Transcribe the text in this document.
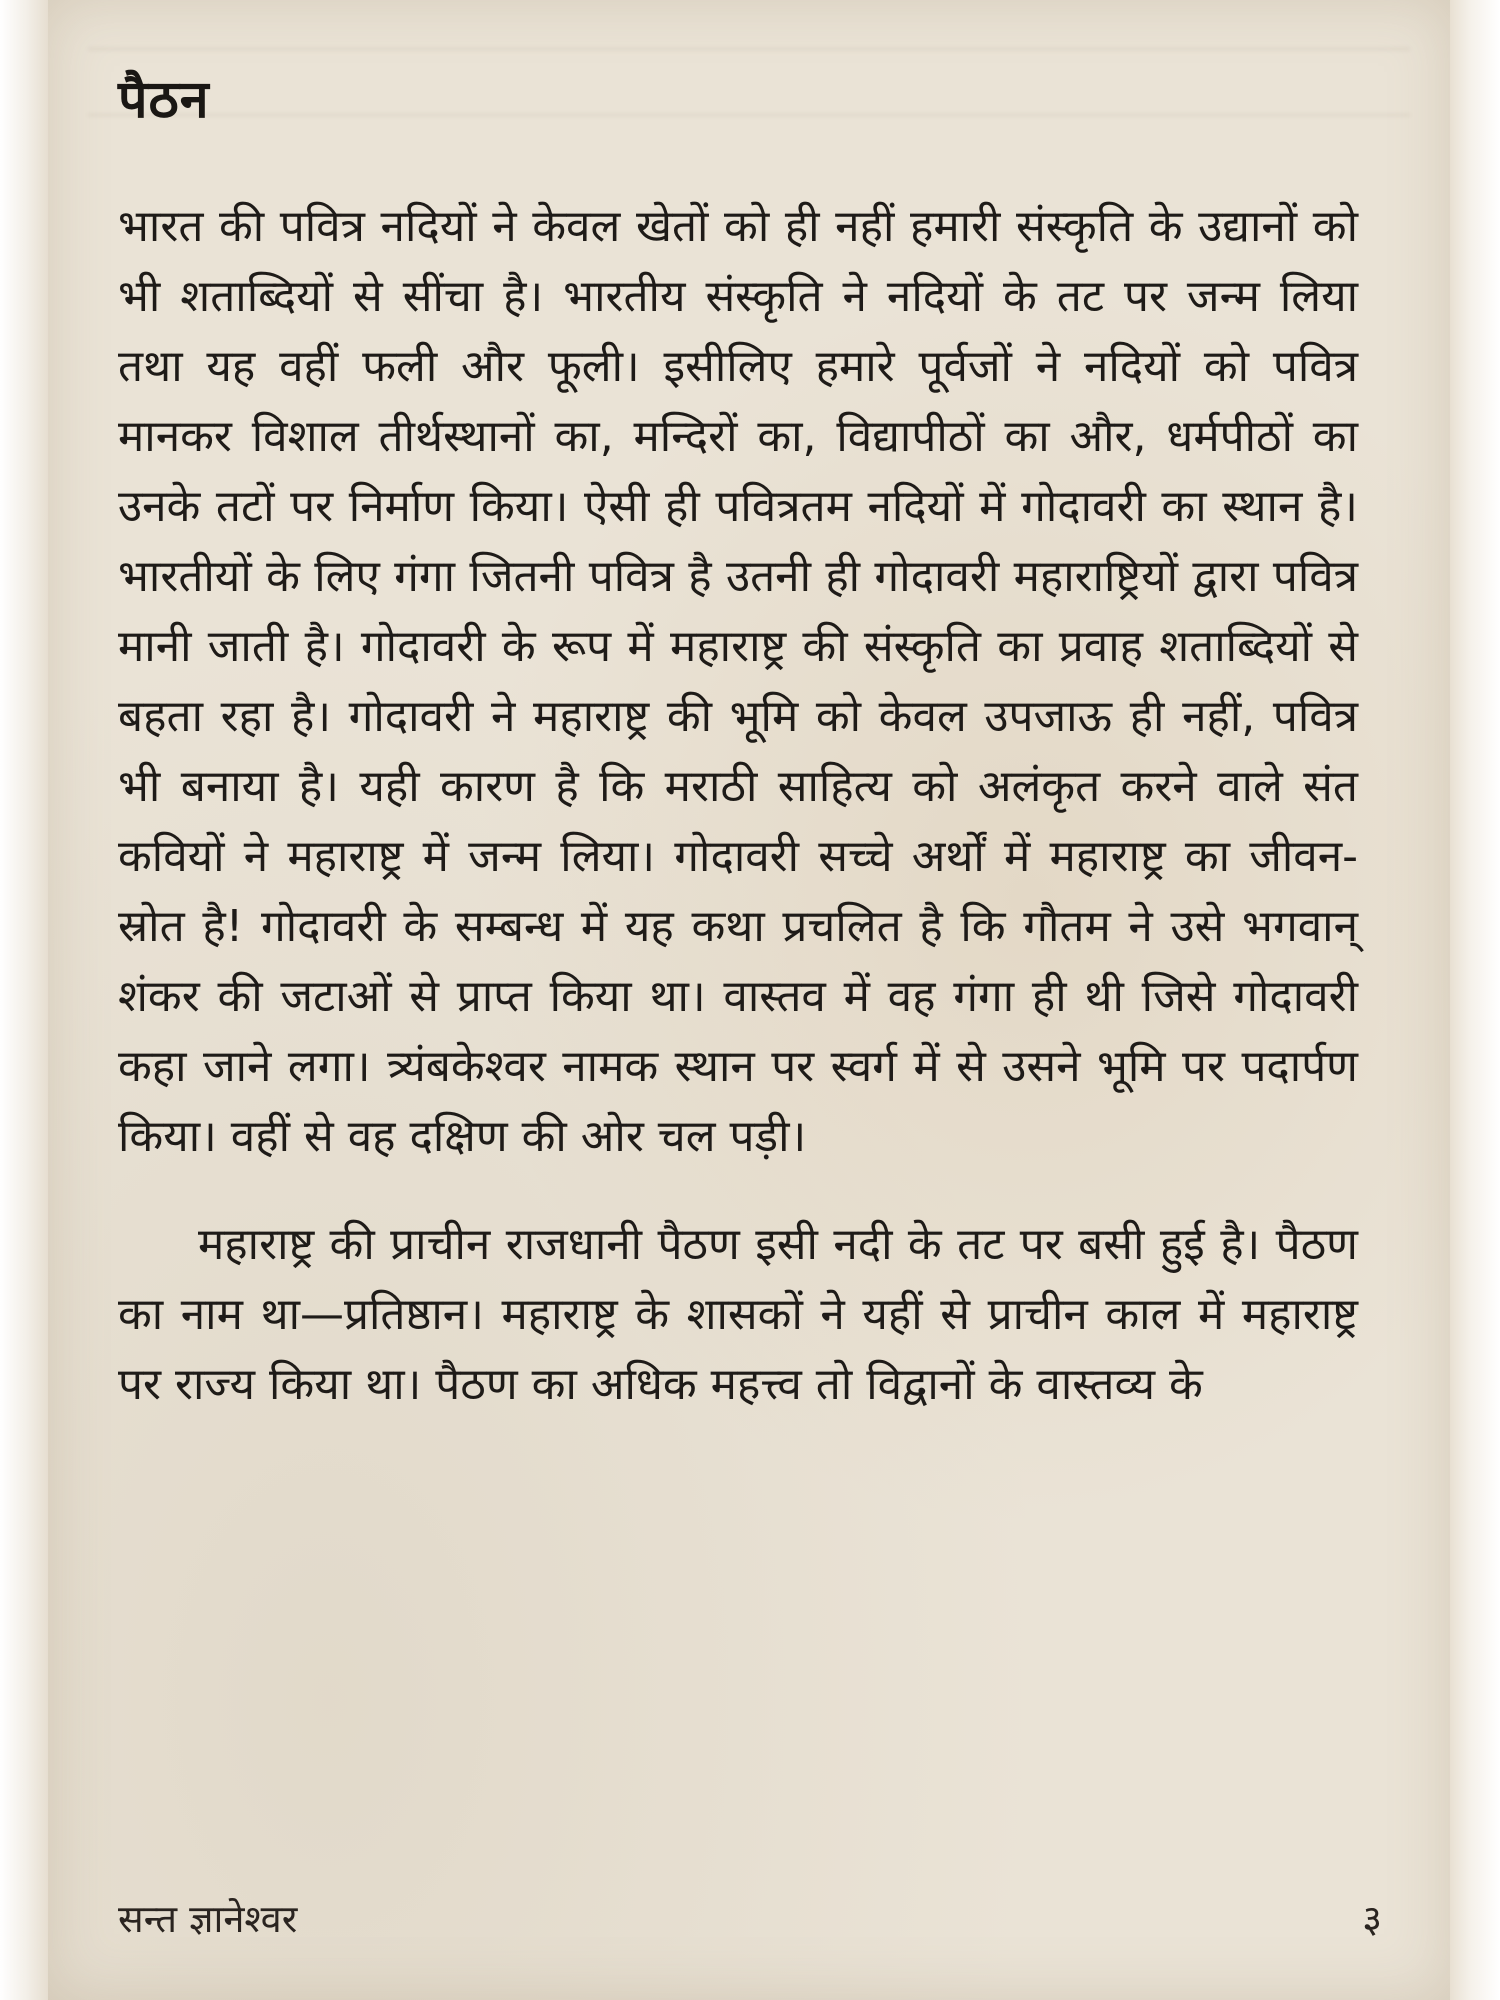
पैठन

भारत की पवित्र नदियों ने केवल खेतों को ही नहीं हमारी संस्कृति के उद्यानों को भी शताब्दियों से सींचा है। भारतीय संस्कृति ने नदियों के तट पर जन्म लिया तथा यह वहीं फली और फूली। इसीलिए हमारे पूर्वजों ने नदियों को पवित्र मानकर विशाल तीर्थस्थानों का, मन्दिरों का, विद्यापीठों का और, धर्मपीठों का उनके तटों पर निर्माण किया। ऐसी ही पवित्रतम नदियों में गोदावरी का स्थान है। भारतीयों के लिए गंगा जितनी पवित्र है उतनी ही गोदावरी महाराष्ट्रियों द्वारा पवित्र मानी जाती है। गोदावरी के रूप में महाराष्ट्र की संस्कृति का प्रवाह शताब्दियों से बहता रहा है। गोदावरी ने महाराष्ट्र की भूमि को केवल उपजाऊ ही नहीं, पवित्र भी बनाया है। यही कारण है कि मराठी साहित्य को अलंकृत करने वाले संत कवियों ने महाराष्ट्र में जन्म लिया। गोदावरी सच्चे अर्थों में महाराष्ट्र का जीवन-स्रोत है! गोदावरी के सम्बन्ध में यह कथा प्रचलित है कि गौतम ने उसे भगवान् शंकर की जटाओं से प्राप्त किया था। वास्तव में वह गंगा ही थी जिसे गोदावरी कहा जाने लगा। त्र्यंबकेश्वर नामक स्थान पर स्वर्ग में से उसने भूमि पर पदार्पण किया। वहीं से वह दक्षिण की ओर चल पड़ी।

महाराष्ट्र की प्राचीन राजधानी पैठण इसी नदी के तट पर बसी हुई है। पैठण का नाम था—प्रतिष्ठान। महाराष्ट्र के शासकों ने यहीं से प्राचीन काल में महाराष्ट्र पर राज्य किया था। पैठण का अधिक महत्त्व तो विद्वानों के वास्तव्य के

सन्त ज्ञानेश्वर	३
